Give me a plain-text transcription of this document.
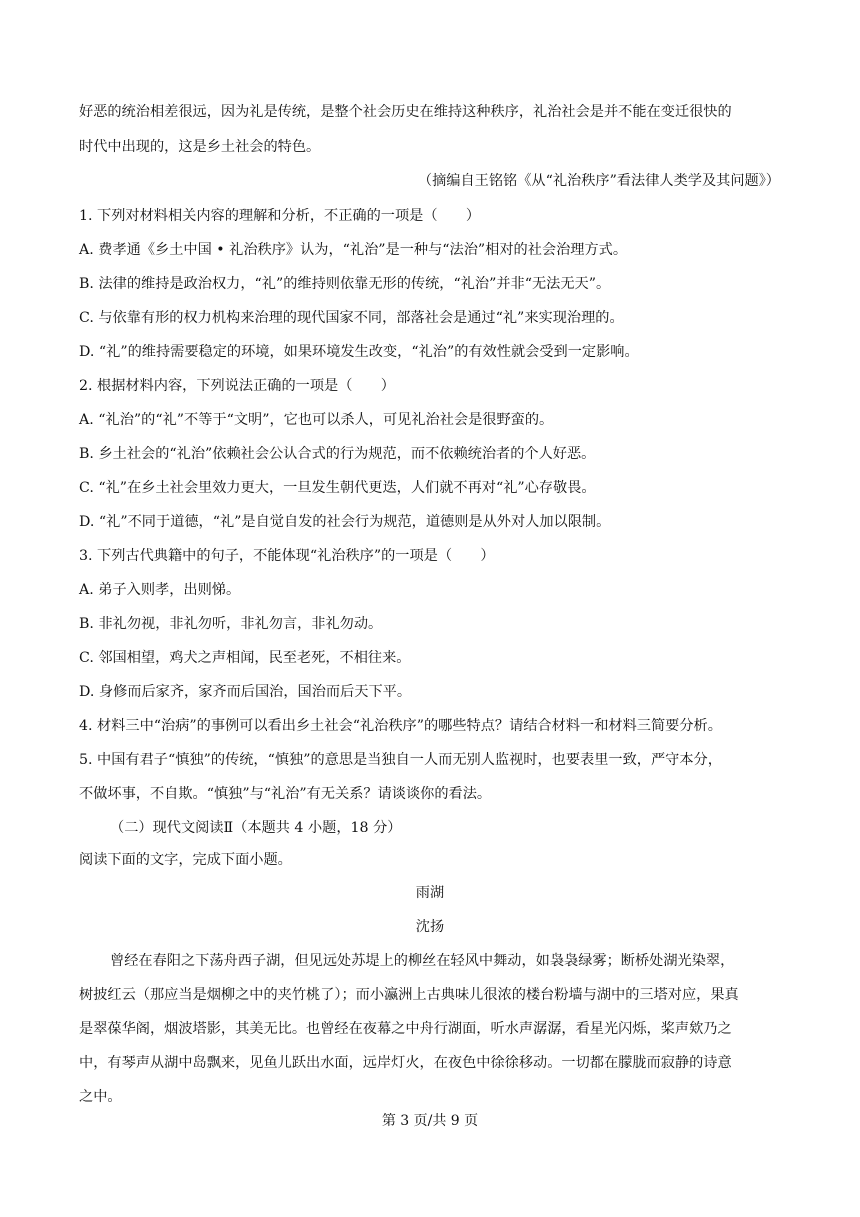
好恶的统治相差很远，因为礼是传统，是整个社会历史在维持这种秩序，礼治社会是并不能在变迁很快的
时代中出现的，这是乡土社会的特色。
（摘编自王铭铭《从“礼治秩序”看法律人类学及其问题》）
1. 下列对材料相关内容的理解和分析，不正确的一项是（　　）
A. 费孝通《乡土中国 • 礼治秩序》认为，“礼治”是一种与“法治”相对的社会治理方式。
B. 法律的维持是政治权力，“礼”的维持则依靠无形的传统，“礼治”并非“无法无天”。
C. 与依靠有形的权力机构来治理的现代国家不同，部落社会是通过“礼”来实现治理的。
D. “礼”的维持需要稳定的环境，如果环境发生改变，“礼治”的有效性就会受到一定影响。
2. 根据材料内容，下列说法正确的一项是（　　）
A. “礼治”的“礼”不等于“文明”，它也可以杀人，可见礼治社会是很野蛮的。
B. 乡土社会的“礼治”依赖社会公认合式的行为规范，而不依赖统治者的个人好恶。
C. “礼”在乡土社会里效力更大，一旦发生朝代更迭，人们就不再对“礼”心存敬畏。
D. “礼”不同于道德，“礼”是自觉自发的社会行为规范，道德则是从外对人加以限制。
3. 下列古代典籍中的句子，不能体现“礼治秩序”的一项是（　　）
A. 弟子入则孝，出则悌。
B. 非礼勿视，非礼勿听，非礼勿言，非礼勿动。
C. 邻国相望，鸡犬之声相闻，民至老死，不相往来。
D. 身修而后家齐，家齐而后国治，国治而后天下平。
4. 材料三中“治病”的事例可以看出乡土社会“礼治秩序”的哪些特点？请结合材料一和材料三简要分析。
5. 中国有君子“慎独”的传统，“慎独”的意思是当独自一人而无别人监视时，也要表里一致，严守本分，
不做坏事，不自欺。“慎独”与“礼治”有无关系？请谈谈你的看法。
（二）现代文阅读Ⅱ（本题共 4 小题，18 分）
阅读下面的文字，完成下面小题。
雨湖
沈扬
曾经在春阳之下荡舟西子湖，但见远处苏堤上的柳丝在轻风中舞动，如袅袅绿雾；断桥处湖光染翠，
树披红云（那应当是烟柳之中的夹竹桃了）；而小瀛洲上古典味儿很浓的楼台粉墙与湖中的三塔对应，果真
是翠葆华阁，烟波塔影，其美无比。也曾经在夜幕之中舟行湖面，听水声潺潺，看星光闪烁，桨声欸乃之
中，有琴声从湖中岛飘来，见鱼儿跃出水面，远岸灯火，在夜色中徐徐移动。一切都在朦胧而寂静的诗意
之中。
第 3 页/共 9 页
